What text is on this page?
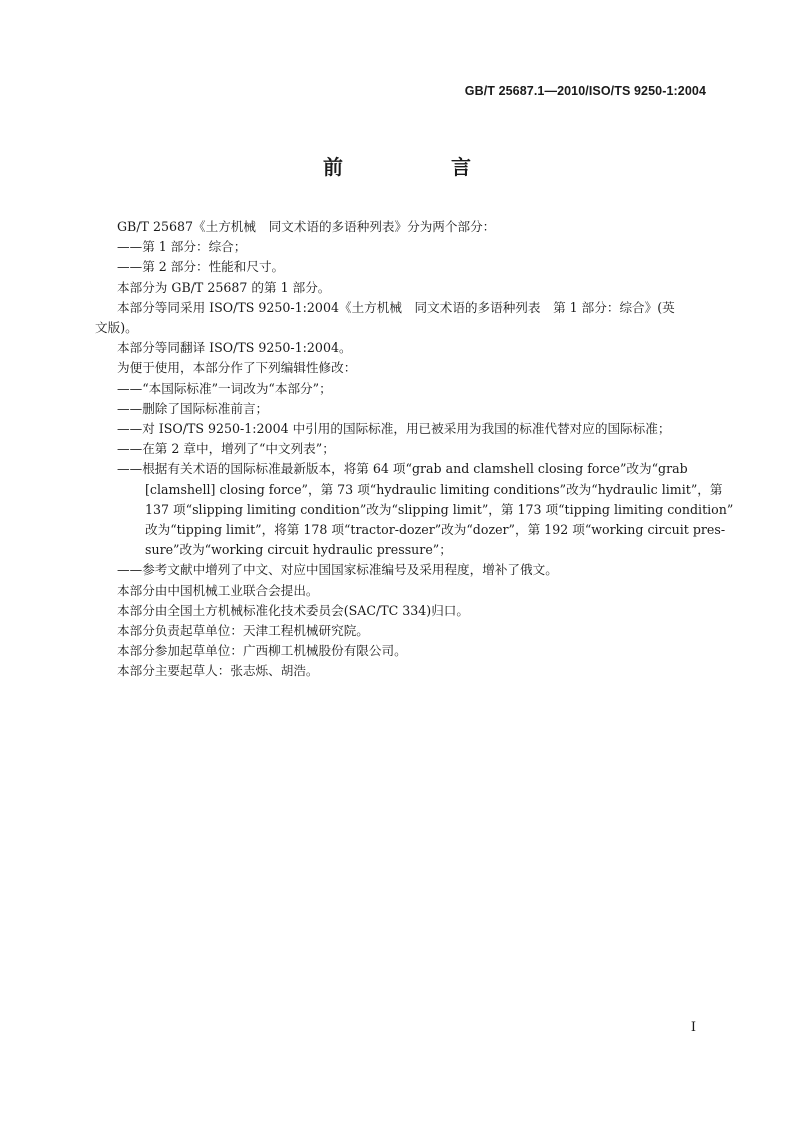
GB/T 25687.1—2010/ISO/TS 9250-1:2004
前　言

GB/T 25687《土方机械　同文术语的多语种列表》分为两个部分：

——第 1 部分：综合；

——第 2 部分：性能和尺寸。

本部分为 GB/T 25687 的第 1 部分。

本部分等同采用 ISO/TS 9250-1:2004《土方机械　同文术语的多语种列表　第 1 部分：综合》(英

文版)。

本部分等同翻译 ISO/TS 9250-1:2004。

为便于使用，本部分作了下列编辑性修改：

——“本国际标准”一词改为“本部分”；

——删除了国际标准前言；

——对 ISO/TS 9250-1:2004 中引用的国际标准，用已被采用为我国的标准代替对应的国际标准；

——在第 2 章中，增列了“中文列表”；

——根据有关术语的国际标准最新版本，将第 64 项“grab and clamshell closing force”改为“grab

[clamshell] closing force”，第 73 项“hydraulic limiting conditions”改为“hydraulic limit”，第

137 项“slipping limiting condition”改为“slipping limit”，第 173 项“tipping limiting condition”

改为“tipping limit”，将第 178 项“tractor-dozer”改为“dozer”，第 192 项“working circuit pres-

sure”改为“working circuit hydraulic pressure”；

——参考文献中增列了中文、对应中国国家标准编号及采用程度，增补了俄文。

本部分由中国机械工业联合会提出。

本部分由全国土方机械标准化技术委员会(SAC/TC 334)归口。

本部分负责起草单位：天津工程机械研究院。

本部分参加起草单位：广西柳工机械股份有限公司。

本部分主要起草人：张志烁、胡浩。

I
